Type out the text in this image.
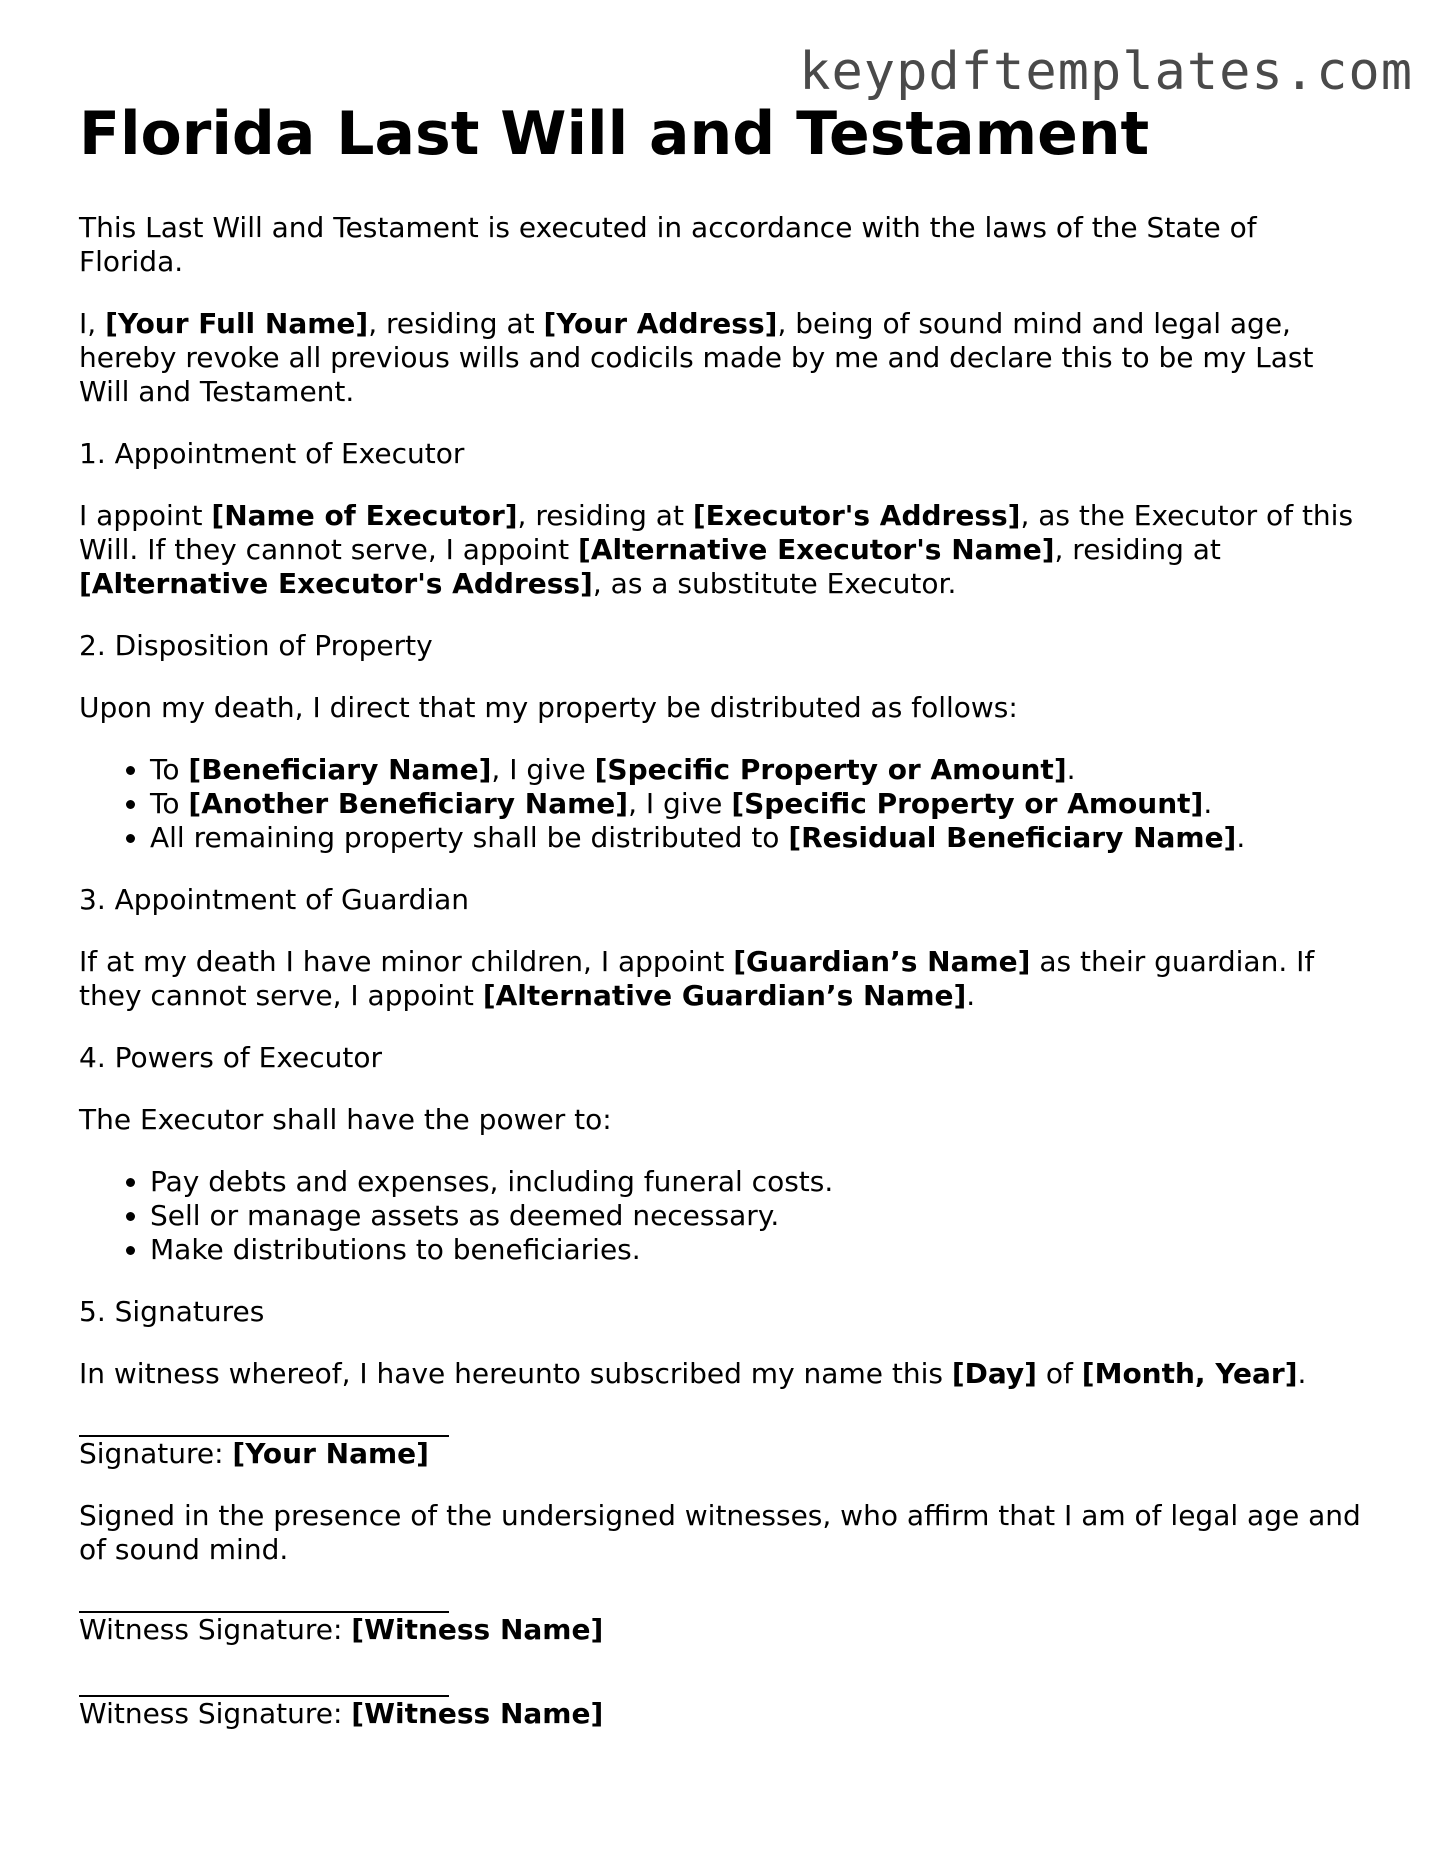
keypdftemplates.com
Florida Last Will and Testament

This Last Will and Testament is executed in accordance with the laws of the State of Florida.

I, [Your Full Name], residing at [Your Address], being of sound mind and legal age, hereby revoke all previous wills and codicils made by me and declare this to be my Last Will and Testament.

1. Appointment of Executor

I appoint [Name of Executor], residing at [Executor's Address], as the Executor of this Will. If they cannot serve, I appoint [Alternative Executor's Name], residing at [Alternative Executor's Address], as a substitute Executor.

2. Disposition of Property

Upon my death, I direct that my property be distributed as follows:

• To [Beneficiary Name], I give [Specific Property or Amount].
• To [Another Beneficiary Name], I give [Specific Property or Amount].
• All remaining property shall be distributed to [Residual Beneficiary Name].

3. Appointment of Guardian

If at my death I have minor children, I appoint [Guardian’s Name] as their guardian. If they cannot serve, I appoint [Alternative Guardian’s Name].

4. Powers of Executor

The Executor shall have the power to:

• Pay debts and expenses, including funeral costs.
• Sell or manage assets as deemed necessary.
• Make distributions to beneficiaries.

5. Signatures

In witness whereof, I have hereunto subscribed my name this [Day] of [Month, Year].

Signature: [Your Name]

Signed in the presence of the undersigned witnesses, who affirm that I am of legal age and of sound mind.

Witness Signature: [Witness Name]
Witness Signature: [Witness Name]
